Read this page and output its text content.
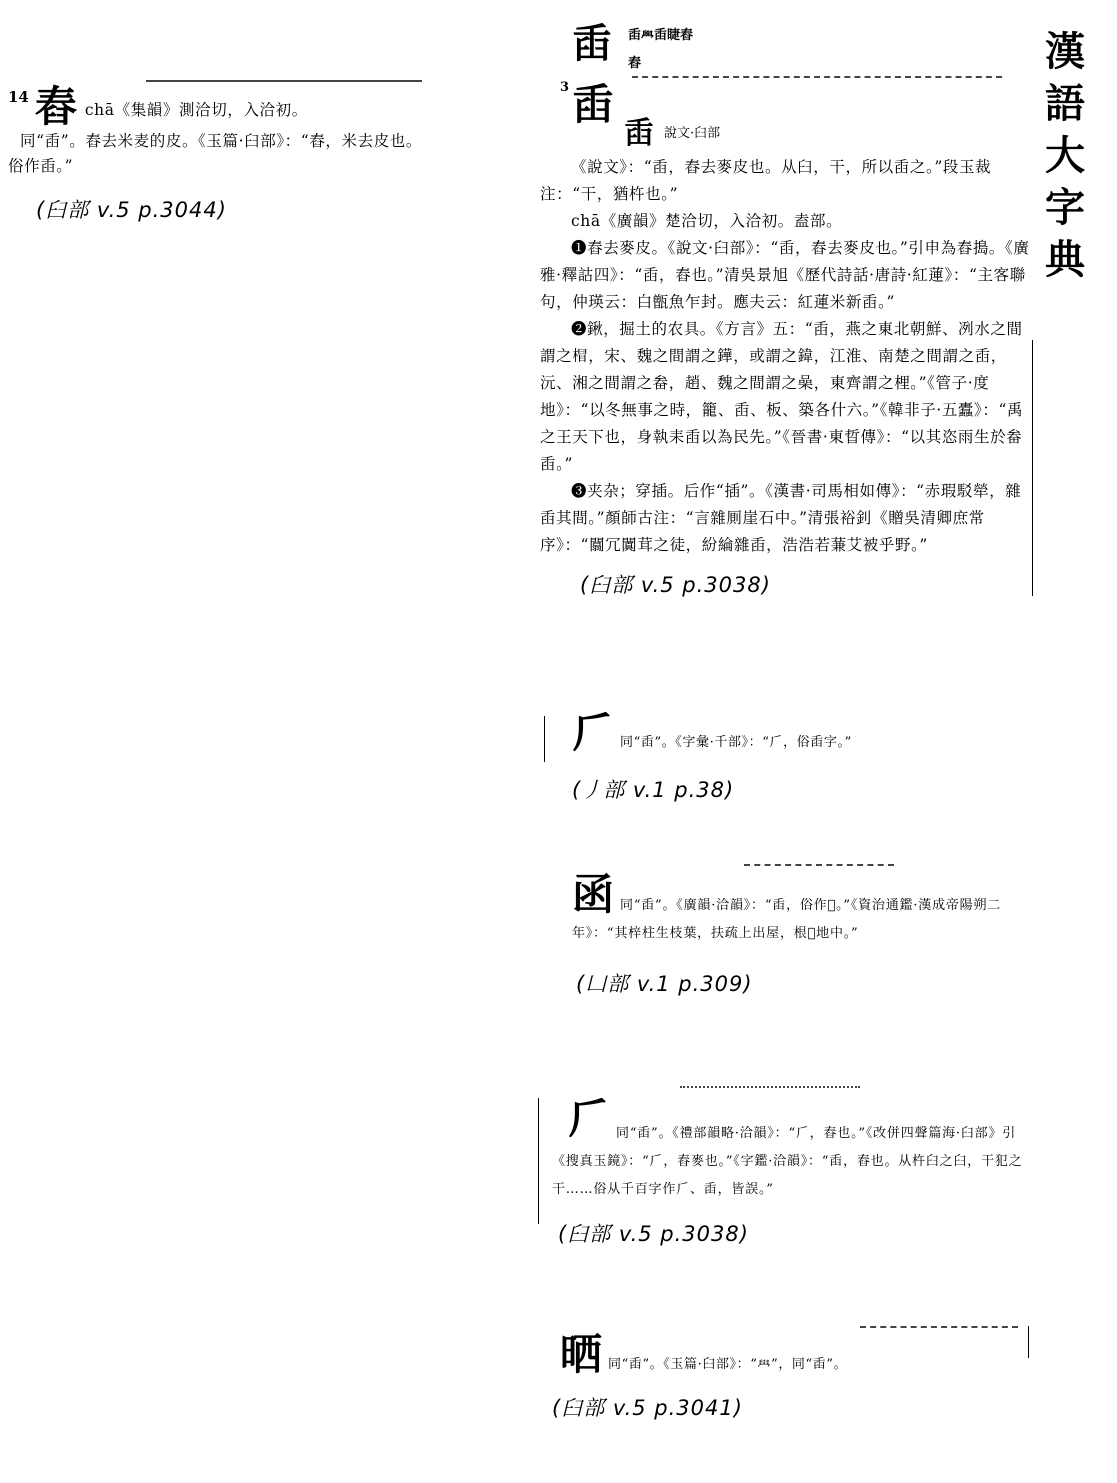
漢
語
大
字
典
14 舂 chā《集韻》測洽切，入洽初。

同“臿”。舂去米麦的皮。《玉篇·臼部》：“舂，米去皮也。

俗作臿。”

(臼部 v.5 p.3044)

臿 臿𦥯臿睫舂
舂
3 臿
臿 說文·臼部

《說文》：“臿，舂去麥皮也。从臼，干，所以臿之。”段玉裁注：“干，猶杵也。”

chā《廣韻》楚洽切，入洽初。盍部。

❶舂去麥皮。《說文·臼部》：“臿，舂去麥皮也。”引申為舂搗。《廣雅·釋詁四》：“臿，舂也。”清吳景旭《歷代詩話·唐詩·紅蓮》：“主客聯句，仲瑛云：白甑魚乍封。應夫云：紅蓮米新臿。”

❷鍬，掘土的农具。《方言》五：“臿，燕之東北朝鮮、冽水之間謂之𣔺，宋、魏之間謂之鏵，或謂之鍏，江淮、南楚之間謂之臿，沅、湘之間謂之畚，趙、魏之間謂之喿，東齊謂之梩。”《管子·度地》：“以冬無事之時，籠、臿、板、築各什六。”《韓非子·五蠹》：“禹之王天下也，身執耒臿以為民先。”《晉書·東晢傳》：“以其恣雨生於畚臿。”

❸夹杂；穿插。后作“插”。《漢書·司馬相如傳》：“赤瑕駁犖，雜臿其間。”顏師古注：“言雜厠崖石中。”清張裕釗《贈吳清卿庶常序》：“闒冗闐茸之徒，紛綸雜臿，浩浩若蒹艾被乎野。”

(臼部 v.5 p.3038)

𠂆 同“臿”。《字彙·千部》：“𠂆，俗臿字。”

(丿部 v.1 p.38)

函 同“臿”。《廣韻·洽韻》：“臿，俗作𠚳。”《資治通鑑·漢成帝陽朔二年》：“其梓柱生枝葉，扶疏上出屋，根𠚳地中。”

(凵部 v.1 p.309)

𠂆 同“臿”。《禮部韻略·洽韻》：“𠂆，舂也。”《改併四聲篇海·臼部》引《搜真玉鏡》：“𠂆，舂麥也。”《字鑑·洽韻》：“臿，舂也。从杵臼之臼，干犯之干……俗从千百字作𠂆、臿，皆誤。”

(臼部 v.5 p.3038)

晒 同“臿”。《玉篇·臼部》：“𦥯”，同“臿”。

(臼部 v.5 p.3041)
